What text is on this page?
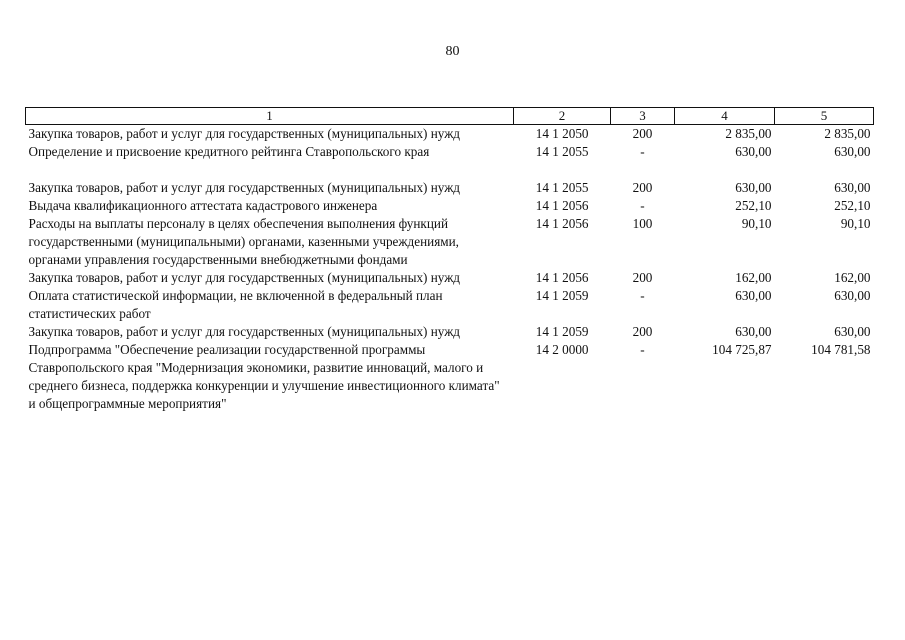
80
1	2	3	4	5
Закупка товаров, работ и услуг для государственных (муниципальных) нужд	14 1 2050	200	2 835,00	2 835,00
Определение и присвоение кредитного рейтинга Ставропольского края	14 1 2055	-	630,00	630,00
Закупка товаров, работ и услуг для государственных (муниципальных) нужд	14 1 2055	200	630,00	630,00
Выдача квалификационного аттестата кадастрового инженера	14 1 2056	-	252,10	252,10
Расходы на выплаты персоналу в целях обеспечения выполнения функций государственными (муниципальными) органами, казенными учреждениями, органами управления государственными внебюджетными фондами	14 1 2056	100	90,10	90,10
Закупка товаров, работ и услуг для государственных (муниципальных) нужд	14 1 2056	200	162,00	162,00
Оплата статистической информации, не включенной в федеральный план статистических работ	14 1 2059	-	630,00	630,00
Закупка товаров, работ и услуг для государственных (муниципальных) нужд	14 1 2059	200	630,00	630,00
Подпрограмма "Обеспечение реализации государственной программы Ставропольского края "Модернизация экономики, развитие инноваций, малого и среднего бизнеса, поддержка конкуренции и улучшение инвестиционного климата" и общепрограммные мероприятия"	14 2 0000	-	104 725,87	104 781,58
